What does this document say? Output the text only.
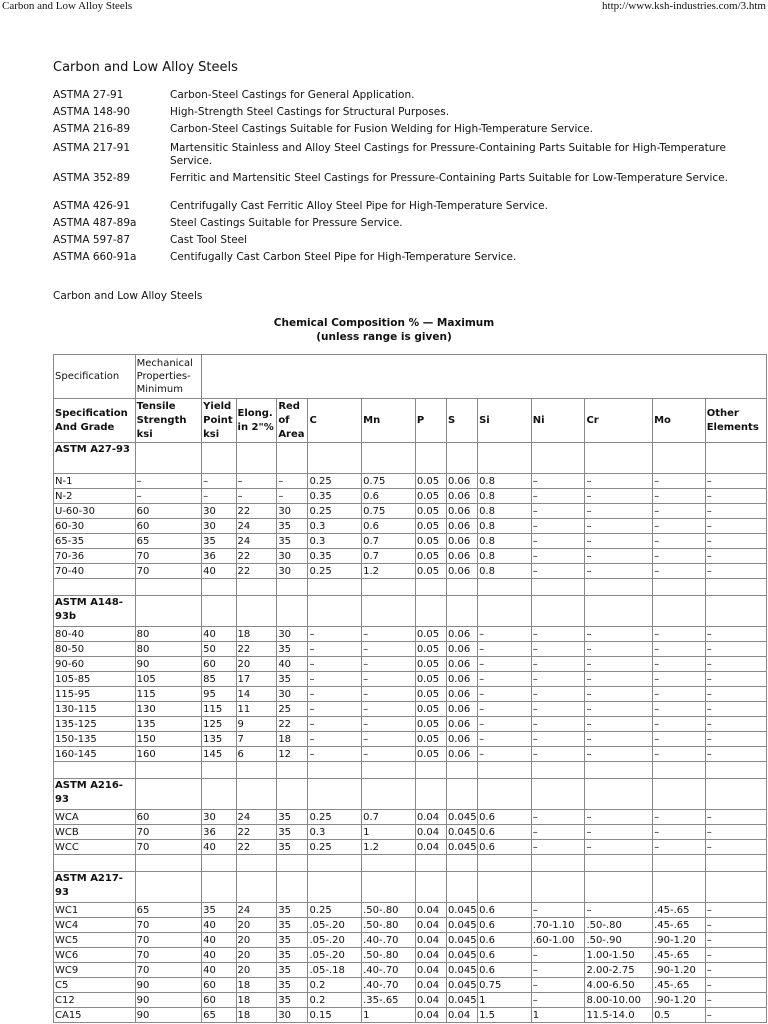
Carbon and Low Alloy Steels	http://www.ksh-industries.com/3.htm
Carbon and Low Alloy Steels
ASTMA 27-91	Carbon-Steel Castings for General Application.
ASTMA 148-90	High-Strength Steel Castings for Structural Purposes.
ASTMA 216-89	Carbon-Steel Castings Suitable for Fusion Welding for High-Temperature Service.
ASTMA 217-91	Martensitic Stainless and Alloy Steel Castings for Pressure-Containing Parts Suitable for High-Temperature Service.
ASTMA 352-89	Ferritic and Martensitic Steel Castings for Pressure-Containing Parts Suitable for Low-Temperature Service.
ASTMA 426-91	Centrifugally Cast Ferritic Alloy Steel Pipe for High-Temperature Service.
ASTMA 487-89a	Steel Castings Suitable for Pressure Service.
ASTMA 597-87	Cast Tool Steel
ASTMA 660-91a	Centifugally Cast Carbon Steel Pipe for High-Temperature Service.
Carbon and Low Alloy Steels
Chemical Composition % — Maximum
(unless range is given)
Specification	Mechanical Properties-Minimum												
Specification And Grade	Tensile Strength ksi	Yield Point ksi	Elong. in 2"%	Red of Area	C	Mn	P	S	Si	Ni	Cr	Mo	Other Elements
ASTM A27-93													
N-1	–	–	–	–	0.25	0.75	0.05	0.06	0.8	–	–	–	–
N-2	–	–	–	–	0.35	0.6	0.05	0.06	0.8	–	–	–	–
U-60-30	60	30	22	30	0.25	0.75	0.05	0.06	0.8	–	–	–	–
60-30	60	30	24	35	0.3	0.6	0.05	0.06	0.8	–	–	–	–
65-35	65	35	24	35	0.3	0.7	0.05	0.06	0.8	–	–	–	–
70-36	70	36	22	30	0.35	0.7	0.05	0.06	0.8	–	–	–	–
70-40	70	40	22	30	0.25	1.2	0.05	0.06	0.8	–	–	–	–

ASTM A148-93b													
80-40	80	40	18	30	–	–	0.05	0.06	–	–	–	–	–
80-50	80	50	22	35	–	–	0.05	0.06	–	–	–	–	–
90-60	90	60	20	40	–	–	0.05	0.06	–	–	–	–	–
105-85	105	85	17	35	–	–	0.05	0.06	–	–	–	–	–
115-95	115	95	14	30	–	–	0.05	0.06	–	–	–	–	–
130-115	130	115	11	25	–	–	0.05	0.06	–	–	–	–	–
135-125	135	125	9	22	–	–	0.05	0.06	–	–	–	–	–
150-135	150	135	7	18	–	–	0.05	0.06	–	–	–	–	–
160-145	160	145	6	12	–	–	0.05	0.06	–	–	–	–	–

ASTM A216-93													
WCA	60	30	24	35	0.25	0.7	0.04	0.045	0.6	–	–	–	–
WCB	70	36	22	35	0.3	1	0.04	0.045	0.6	–	–	–	–
WCC	70	40	22	35	0.25	1.2	0.04	0.045	0.6	–	–	–	–

ASTM A217-93													
WC1	65	35	24	35	0.25	.50-.80	0.04	0.045	0.6	–	–	.45-.65	–
WC4	70	40	20	35	.05-.20	.50-.80	0.04	0.045	0.6	.70-1.10	.50-.80	.45-.65	–
WC5	70	40	20	35	.05-.20	.40-.70	0.04	0.045	0.6	.60-1.00	.50-.90	.90-1.20	–
WC6	70	40	20	35	.05-.20	.50-.80	0.04	0.045	0.6	–	1.00-1.50	.45-.65	–
WC9	70	40	20	35	.05-.18	.40-.70	0.04	0.045	0.6	–	2.00-2.75	.90-1.20	–
C5	90	60	18	35	0.2	.40-.70	0.04	0.045	0.75	–	4.00-6.50	.45-.65	–
C12	90	60	18	35	0.2	.35-.65	0.04	0.045	1	–	8.00-10.00	.90-1.20	–
CA15	90	65	18	30	0.15	1	0.04	0.04	1.5	1	11.5-14.0	0.5	–
